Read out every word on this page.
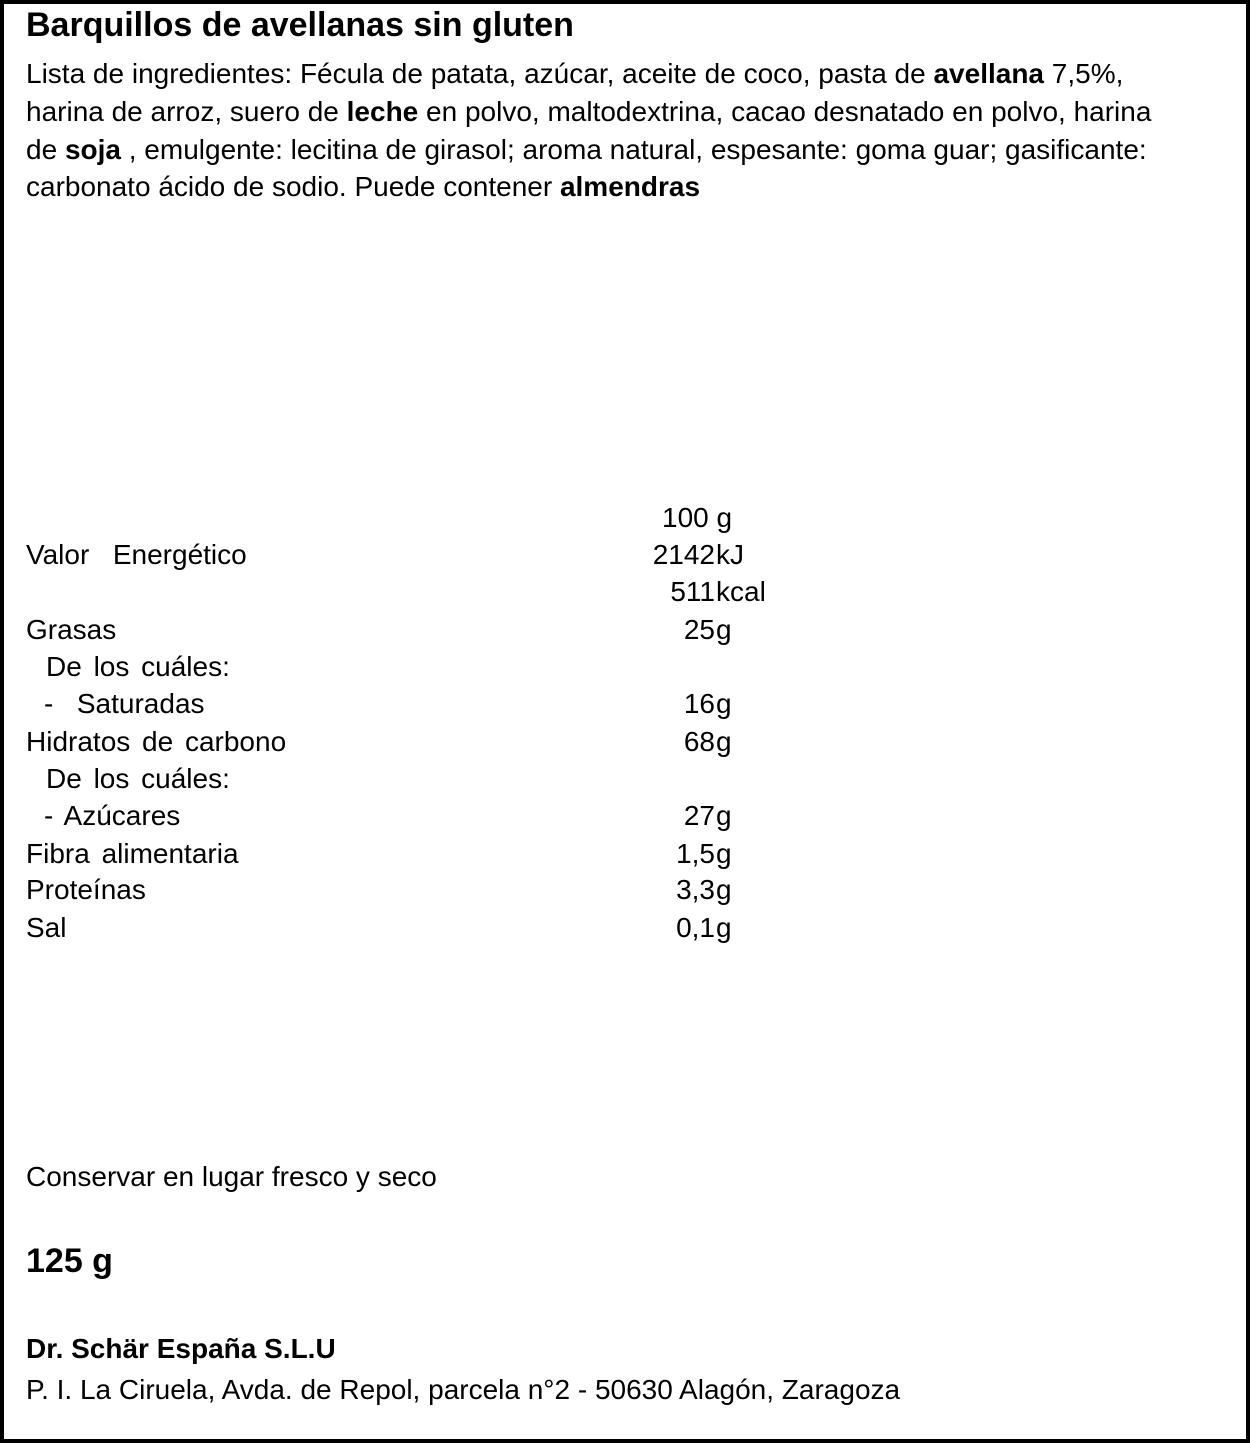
Barquillos de avellanas sin gluten
Lista de ingredientes: Fécula de patata, azúcar, aceite de coco, pasta de avellana 7,5%, harina de arroz, suero de leche en polvo, maltodextrina, cacao desnatado en polvo, harina de soja , emulgente: lecitina de girasol; aroma natural, espesante: goma guar; gasificante: carbonato ácido de sodio. Puede contener almendras
100 g
Valor  Energético	2142 kJ
511 kcal
Grasas	25 g
De los cuáles:
-  Saturadas	16 g
Hidratos de carbono	68 g
De los cuáles:
- Azúcares	27 g
Fibra alimentaria	1,5 g
Proteínas	3,3 g
Sal	0,1 g
Conservar en lugar fresco y seco
125 g
Dr. Schär España S.L.U
P. I. La Ciruela, Avda. de Repol, parcela n°2 - 50630 Alagón, Zaragoza
